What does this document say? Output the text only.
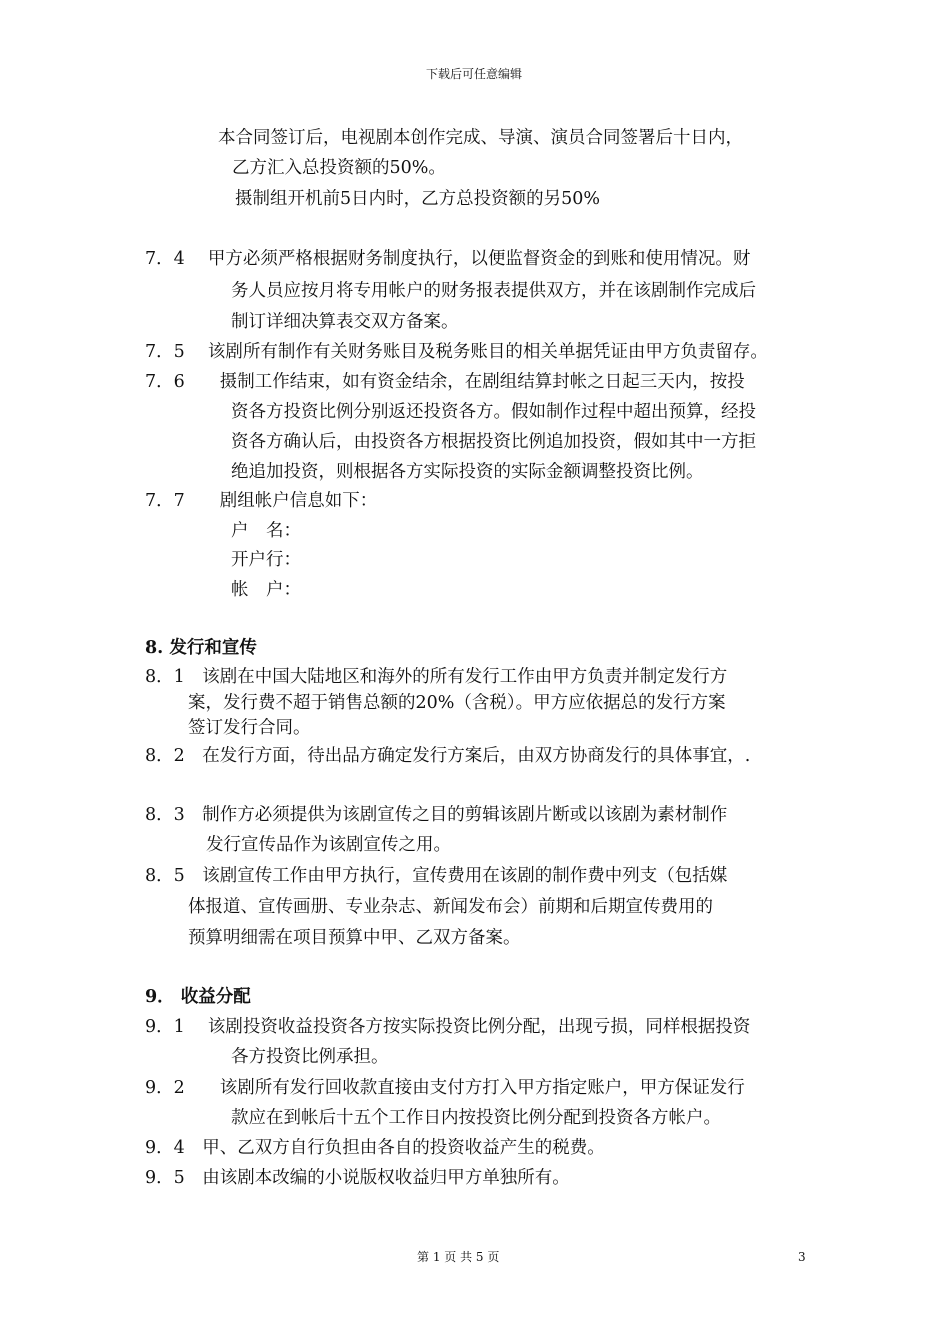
下载后可任意编辑
本合同签订后，电视剧本创作完成、导演、演员合同签署后十日内，
乙方汇入总投资额的50%。
摄制组开机前5日内时，乙方总投资额的另50%
7．4　 甲方必须严格根据财务制度执行，以便监督资金的到账和使用情况。财
务人员应按月将专用帐户的财务报表提供双方，并在该剧制作完成后
制订详细决算表交双方备案。
7．5　 该剧所有制作有关财务账目及税务账目的相关单据凭证由甲方负责留存。
7．6　　摄制工作结束，如有资金结余，在剧组结算封帐之日起三天内，按投
资各方投资比例分别返还投资各方。假如制作过程中超出预算，经投
资各方确认后，由投资各方根据投资比例追加投资，假如其中一方拒
绝追加投资，则根据各方实际投资的实际金额调整投资比例。
7．7　　剧组帐户信息如下：
户　名：
开户行：
帐　户：
8. 发行和宣传
8．1　该剧在中国大陆地区和海外的所有发行工作由甲方负责并制定发行方
案，发行费不超于销售总额的20%（含税）。甲方应依据总的发行方案
签订发行合同。
8．2　在发行方面，待出品方确定发行方案后，由双方协商发行的具体事宜，.
8．3　制作方必须提供为该剧宣传之目的剪辑该剧片断或以该剧为素材制作
发行宣传品作为该剧宣传之用。
8．5　该剧宣传工作由甲方执行，宣传费用在该剧的制作费中列支（包括媒
体报道、宣传画册、专业杂志、新闻发布会）前期和后期宣传费用的
预算明细需在项目预算中甲、乙双方备案。
9． 收益分配
9．1　 该剧投资收益投资各方按实际投资比例分配，出现亏损，同样根据投资
各方投资比例承担。
9．2　　该剧所有发行回收款直接由支付方打入甲方指定账户，甲方保证发行
款应在到帐后十五个工作日内按投资比例分配到投资各方帐户。
9．4　甲、乙双方自行负担由各自的投资收益产生的税费。
9．5　由该剧本改编的小说版权收益归甲方单独所有。
第 1 页 共 5 页	3
